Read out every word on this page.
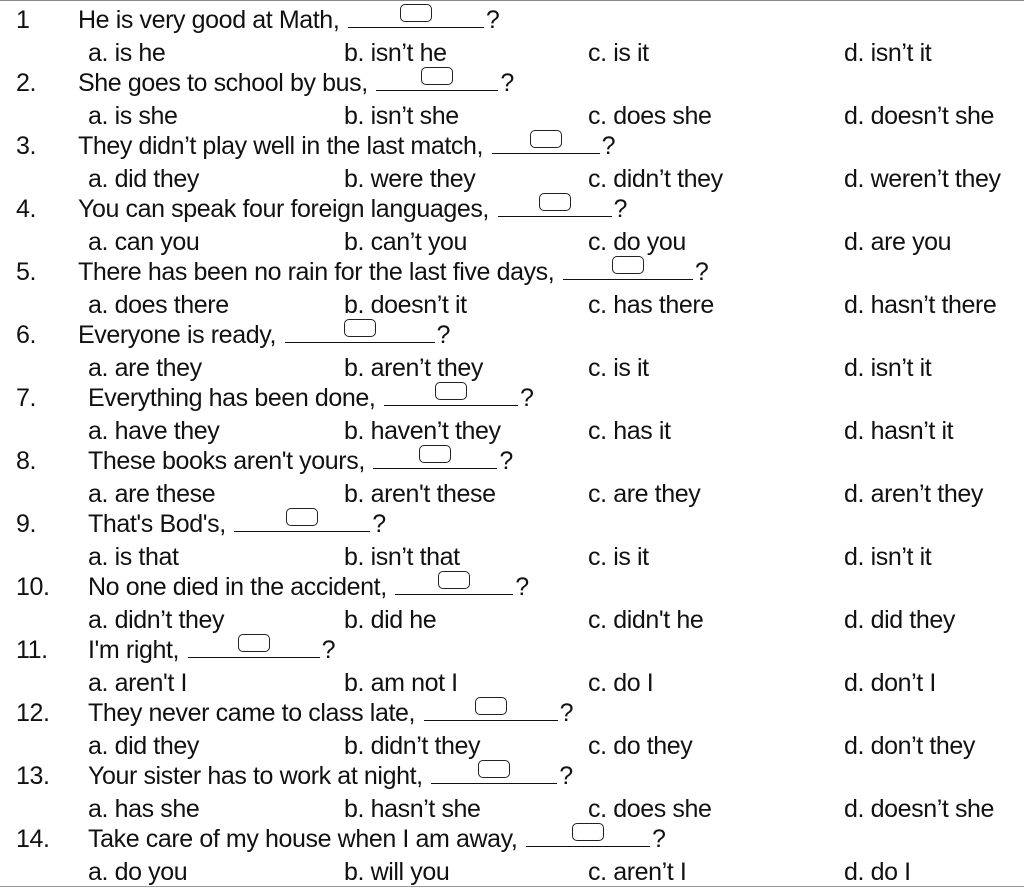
1 He is very good at Math,	?
a. is he	b. isn’t he	c. is it	d. isn’t it
2. She goes to school by bus,	?
a. is she	b. isn’t she	c. does she	d. doesn’t she
3. They didn’t play well in the last match,	?
a. did they	b. were they	c. didn’t they	d. weren’t they
4. You can speak four foreign languages,	?
a. can you	b. can’t you	c. do you	d. are you
5. There has been no rain for the last five days,	?
a. does there	b. doesn’t it	c. has there	d. hasn’t there
6. Everyone is ready,	?
a. are they	b. aren’t they	c. is it	d. isn’t it
7. Everything has been done,	?
a. have they	b. haven’t they	c. has it	d. hasn’t it
8. These books aren't yours,	?
a. are these	b. aren't these	c. are they	d. aren’t they
9. That's Bod's,	?
a. is that	b. isn’t that	c. is it	d. isn’t it
10. No one died in the accident,	?
a. didn’t they	b. did he	c. didn't he	d. did they
11. I'm right,	?
a. aren't I	b. am not I	c. do I	d. don’t I
12. They never came to class late,	?
a. did they	b. didn’t they	c. do they	d. don’t they
13. Your sister has to work at night,	?
a. has she	b. hasn’t she	c. does she	d. doesn’t she
14. Take care of my house when I am away,	?
a. do you	b. will you	c. aren’t I	d. do I
